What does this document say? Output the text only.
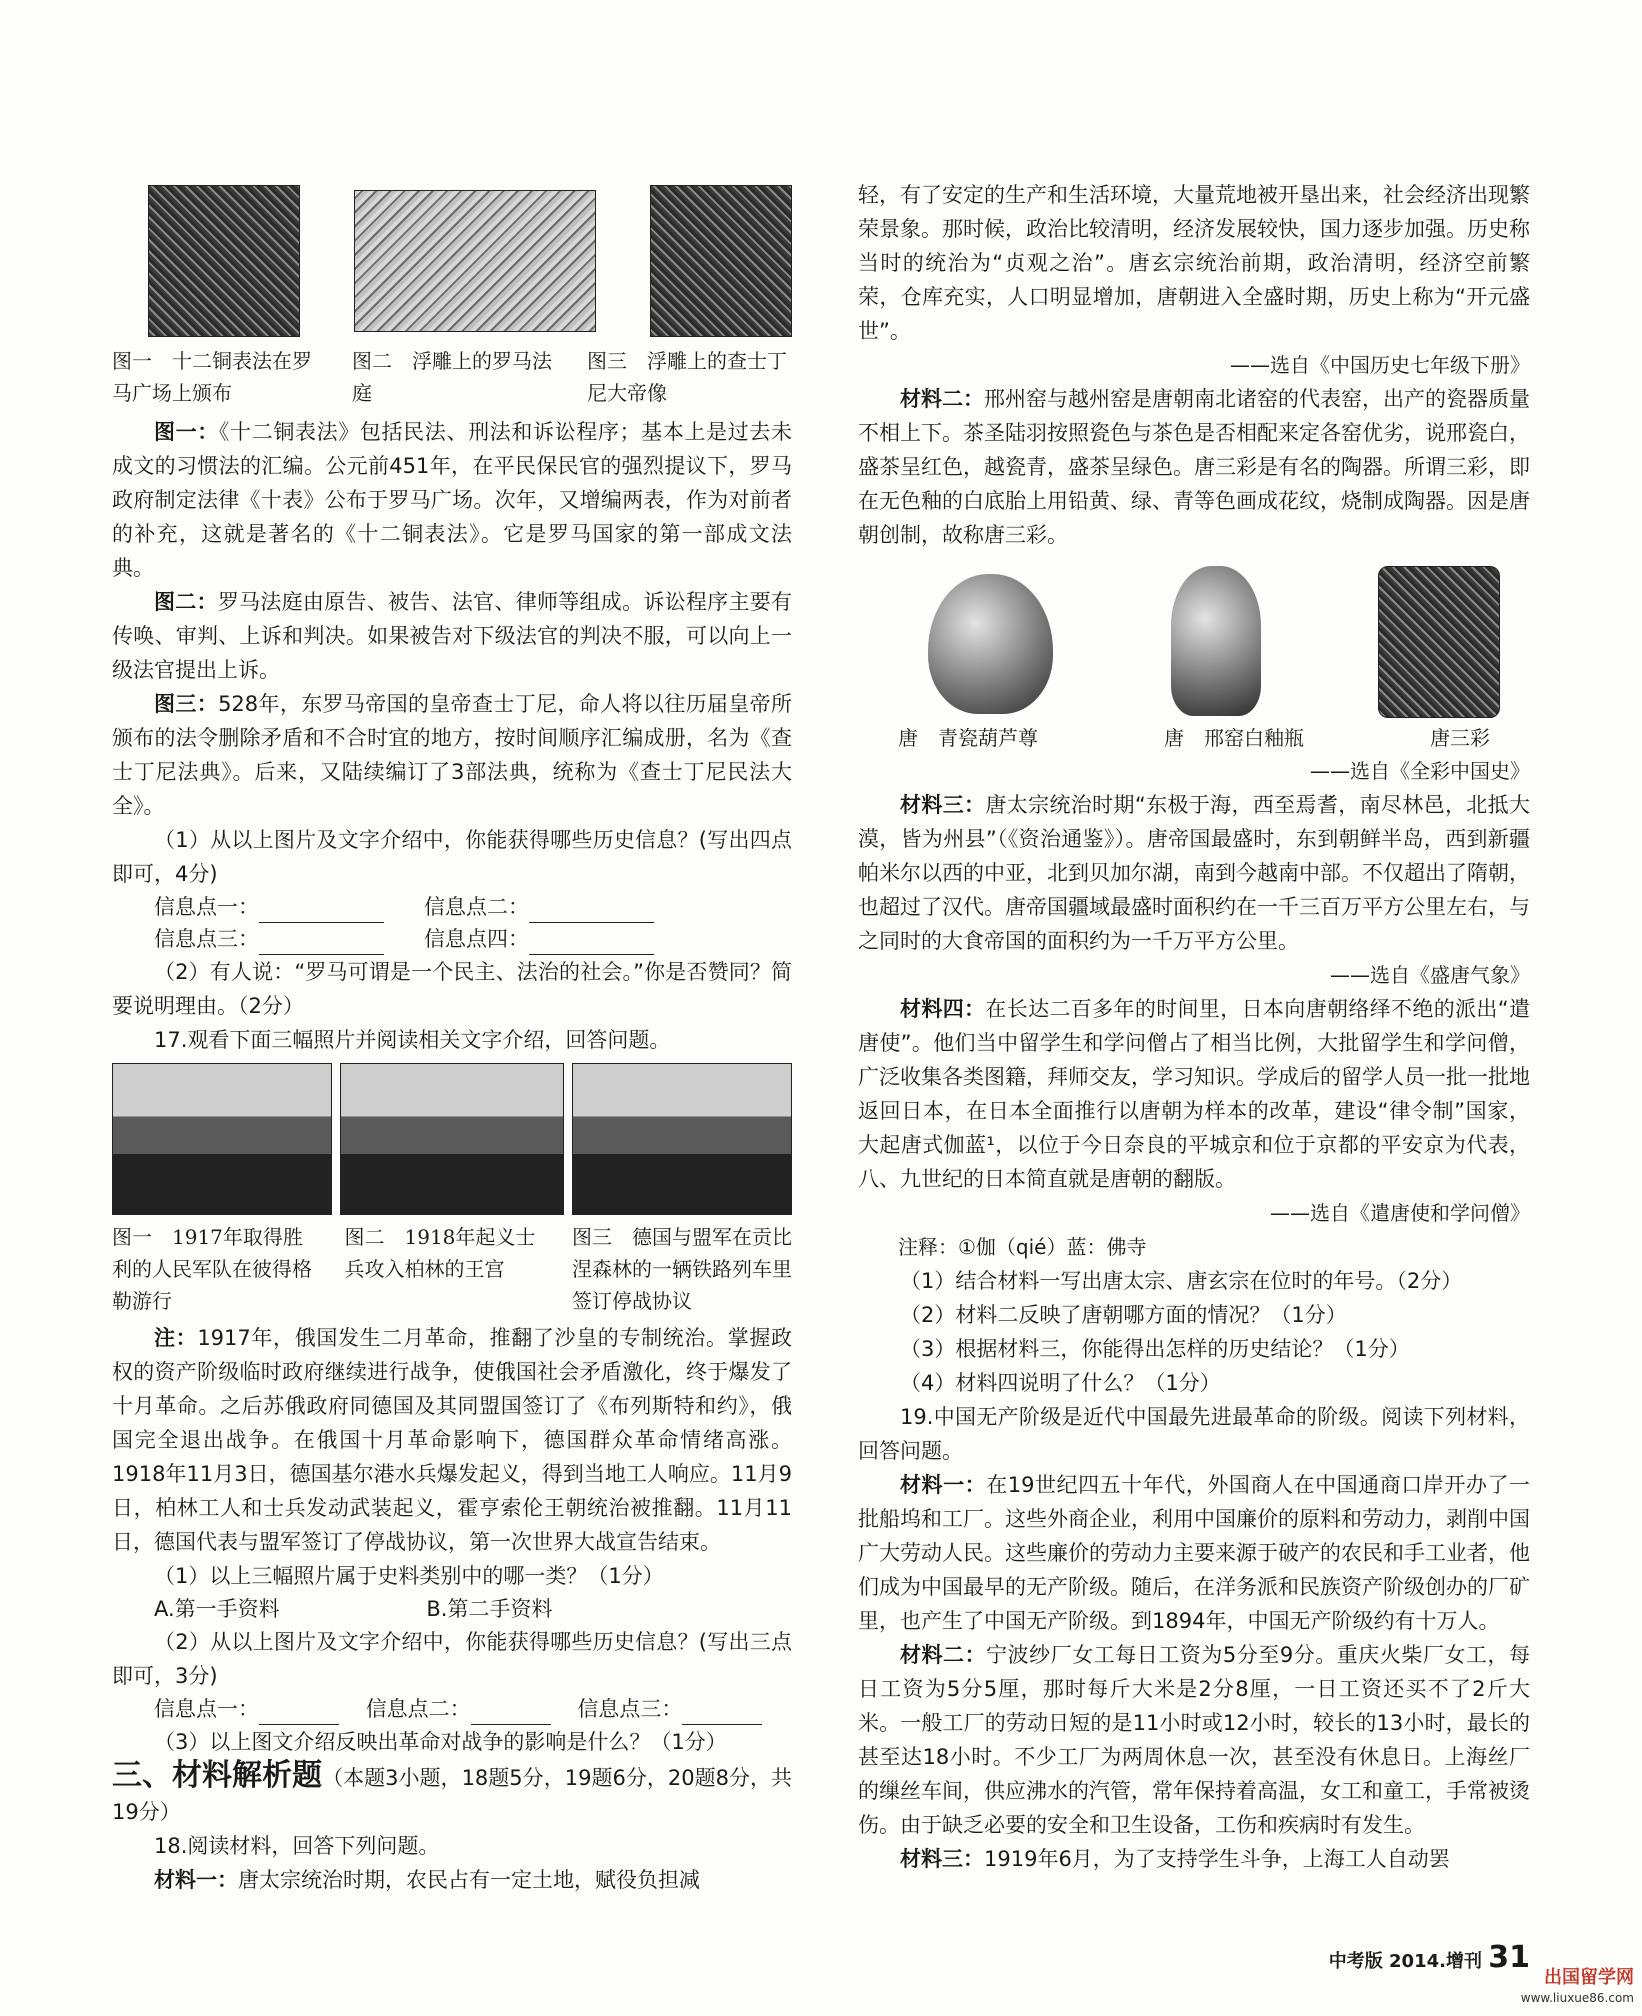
图一　十二铜表法在罗马广场上颁布
图二　浮雕上的罗马法庭
图三　浮雕上的查士丁尼大帝像

图一：《十二铜表法》包括民法、刑法和诉讼程序；基本上是过去未成文的习惯法的汇编。公元前451年，在平民保民官的强烈提议下，罗马政府制定法律《十表》公布于罗马广场。次年，又增编两表，作为对前者的补充，这就是著名的《十二铜表法》。它是罗马国家的第一部成文法典。

图二：罗马法庭由原告、被告、法官、律师等组成。诉讼程序主要有传唤、审判、上诉和判决。如果被告对下级法官的判决不服，可以向上一级法官提出上诉。

图三：528年，东罗马帝国的皇帝查士丁尼，命人将以往历届皇帝所颁布的法令删除矛盾和不合时宜的地方，按时间顺序汇编成册，名为《查士丁尼法典》。后来，又陆续编订了3部法典，统称为《查士丁尼民法大全》。

（1）从以上图片及文字介绍中，你能获得哪些历史信息？(写出四点即可，4分)

信息点一：	信息点二：
信息点三：	信息点四：

（2）有人说：“罗马可谓是一个民主、法治的社会。”你是否赞同？简要说明理由。（2分）

17.观看下面三幅照片并阅读相关文字介绍，回答问题。

图一　1917年取得胜利的人民军队在彼得格勒游行
图二　1918年起义士兵攻入柏林的王宫
图三　德国与盟军在贡比涅森林的一辆铁路列车里签订停战协议

注：1917年，俄国发生二月革命，推翻了沙皇的专制统治。掌握政权的资产阶级临时政府继续进行战争，使俄国社会矛盾激化，终于爆发了十月革命。之后苏俄政府同德国及其同盟国签订了《布列斯特和约》，俄国完全退出战争。在俄国十月革命影响下，德国群众革命情绪高涨。1918年11月3日，德国基尔港水兵爆发起义，得到当地工人响应。11月9日，柏林工人和士兵发动武装起义，霍亨索伦王朝统治被推翻。11月11日，德国代表与盟军签订了停战协议，第一次世界大战宣告结束。

（1）以上三幅照片属于史料类别中的哪一类？（1分）

A.第一手资料	B.第二手资料

（2）从以上图片及文字介绍中，你能获得哪些历史信息？(写出三点即可，3分)

信息点一：	信息点二：	信息点三：

（3）以上图文介绍反映出革命对战争的影响是什么？（1分）

三、材料解析题（本题3小题，18题5分，19题6分，20题8分，共19分）

18.阅读材料，回答下列问题。

材料一：唐太宗统治时期，农民占有一定土地，赋役负担减

轻，有了安定的生产和生活环境，大量荒地被开垦出来，社会经济出现繁荣景象。那时候，政治比较清明，经济发展较快，国力逐步加强。历史称当时的统治为“贞观之治”。唐玄宗统治前期，政治清明，经济空前繁荣，仓库充实，人口明显增加，唐朝进入全盛时期，历史上称为“开元盛世”。

——选自《中国历史七年级下册》

材料二：邢州窑与越州窑是唐朝南北诸窑的代表窑，出产的瓷器质量不相上下。茶圣陆羽按照瓷色与茶色是否相配来定各窑优劣，说邢瓷白，盛茶呈红色，越瓷青，盛茶呈绿色。唐三彩是有名的陶器。所谓三彩，即在无色釉的白底胎上用铅黄、绿、青等色画成花纹，烧制成陶器。因是唐朝创制，故称唐三彩。

唐　青瓷葫芦尊	唐　邢窑白釉瓶	唐三彩

——选自《全彩中国史》

材料三：唐太宗统治时期“东极于海，西至焉耆，南尽林邑，北抵大漠，皆为州县”（《资治通鉴》）。唐帝国最盛时，东到朝鲜半岛，西到新疆帕米尔以西的中亚，北到贝加尔湖，南到今越南中部。不仅超出了隋朝，也超过了汉代。唐帝国疆域最盛时面积约在一千三百万平方公里左右，与之同时的大食帝国的面积约为一千万平方公里。

——选自《盛唐气象》

材料四：在长达二百多年的时间里，日本向唐朝络绎不绝的派出“遣唐使”。他们当中留学生和学问僧占了相当比例，大批留学生和学问僧，广泛收集各类图籍，拜师交友，学习知识。学成后的留学人员一批一批地返回日本，在日本全面推行以唐朝为样本的改革，建设“律令制”国家，大起唐式伽蓝¹，以位于今日奈良的平城京和位于京都的平安京为代表，八、九世纪的日本简直就是唐朝的翻版。

——选自《遣唐使和学问僧》

注释：①伽（qié）蓝：佛寺

（1）结合材料一写出唐太宗、唐玄宗在位时的年号。（2分）

（2）材料二反映了唐朝哪方面的情况？（1分）

（3）根据材料三，你能得出怎样的历史结论？（1分）

（4）材料四说明了什么？（1分）

19.中国无产阶级是近代中国最先进最革命的阶级。阅读下列材料，回答问题。

材料一：在19世纪四五十年代，外国商人在中国通商口岸开办了一批船坞和工厂。这些外商企业，利用中国廉价的原料和劳动力，剥削中国广大劳动人民。这些廉价的劳动力主要来源于破产的农民和手工业者，他们成为中国最早的无产阶级。随后，在洋务派和民族资产阶级创办的厂矿里，也产生了中国无产阶级。到1894年，中国无产阶级约有十万人。

材料二：宁波纱厂女工每日工资为5分至9分。重庆火柴厂女工，每日工资为5分5厘，那时每斤大米是2分8厘，一日工资还买不了2斤大米。一般工厂的劳动日短的是11小时或12小时，较长的13小时，最长的甚至达18小时。不少工厂为两周休息一次，甚至没有休息日。上海丝厂的缫丝车间，供应沸水的汽管，常年保持着高温，女工和童工，手常被烫伤。由于缺乏必要的安全和卫生设备，工伤和疾病时有发生。

材料三：1919年6月，为了支持学生斗争，上海工人自动罢

中考版 2014.增刊 31
出国留学网
www.liuxue86.com
